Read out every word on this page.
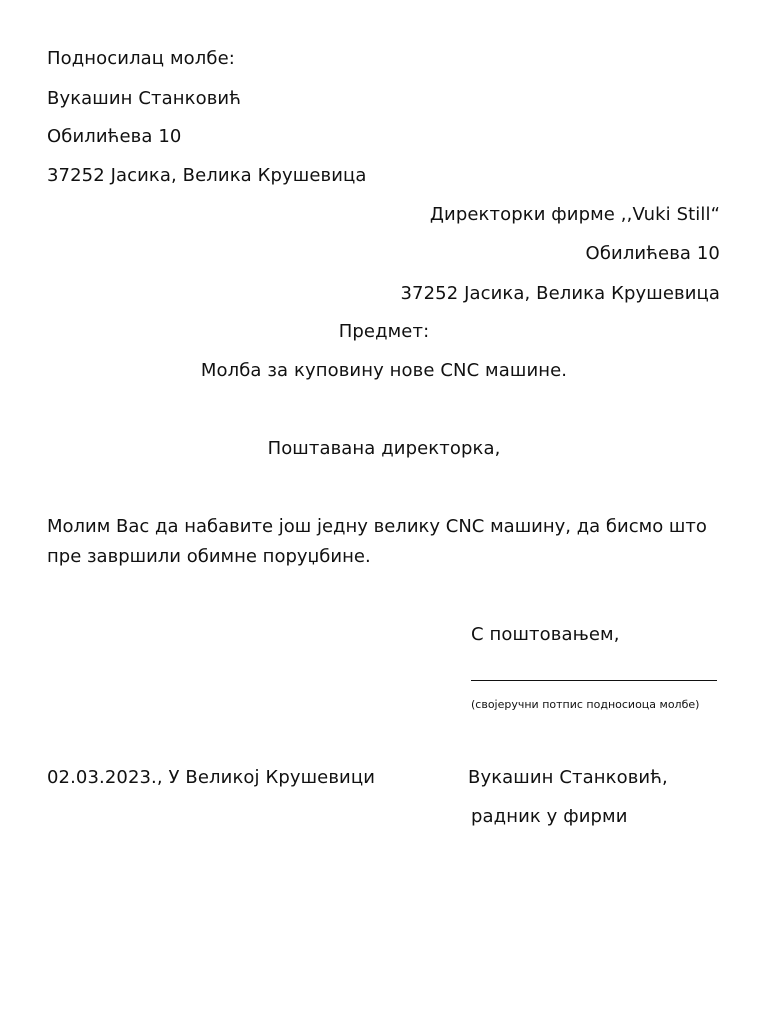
Подносилац молбе:
Вукашин Станковић
Обилићева 10
37252 Јасика, Велика Крушевица
Директорки фирме ,,Vuki Still“
Обилићева 10
37252 Јасика, Велика Крушевица
Предмет:
Молба за куповину нове CNC машине.
Поштавана директорка,
Молим Вас да набавите још једну велику CNC машину, да бисмо што пре завршили обимне поруџбине.
С поштовањем,
(својеручни потпис подносиоца молбе)
02.03.2023., У Великој Крушевици	Вукашин Станковић,
радник у фирми
